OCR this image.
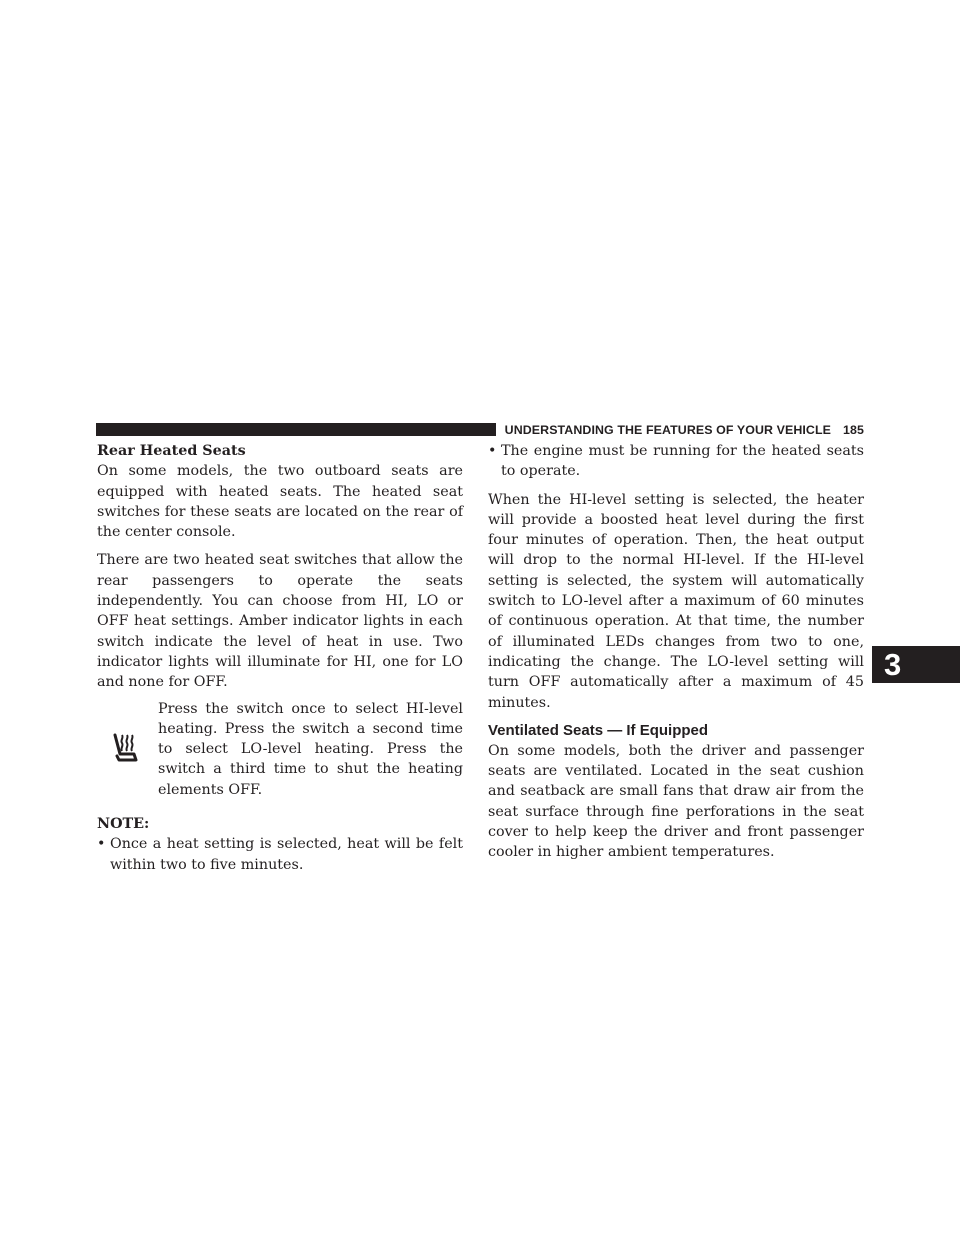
UNDERSTANDING THE FEATURES OF YOUR VEHICLE 185
3

Rear Heated Seats

On some models, the two outboard seats are equipped with heated seats. The heated seat switches for these seats are located on the rear of the center console.

There are two heated seat switches that allow the rear passengers to operate the seats independently. You can choose from HI, LO or OFF heat settings. Amber indicator lights in each switch indicate the level of heat in use. Two indicator lights will illuminate for HI, one for LO and none for OFF.

Press the switch once to select HI-level heating. Press the switch a second time to select LO-level heating. Press the switch a third time to shut the heating elements OFF.

NOTE:

• Once a heat setting is selected, heat will be felt within two to five minutes.
• The engine must be running for the heated seats to operate.

When the HI-level setting is selected, the heater will provide a boosted heat level during the first four minutes of operation. Then, the heat output will drop to the normal HI-level. If the HI-level setting is selected, the system will automatically switch to LO-level after a maximum of 60 minutes of continuous operation. At that time, the number of illuminated LEDs changes from two to one, indicating the change. The LO-level setting will turn OFF automatically after a maximum of 45 minutes.

Ventilated Seats — If Equipped

On some models, both the driver and passenger seats are ventilated. Located in the seat cushion and seatback are small fans that draw air from the seat surface through fine perforations in the seat cover to help keep the driver and front passenger cooler in higher ambient temperatures.
